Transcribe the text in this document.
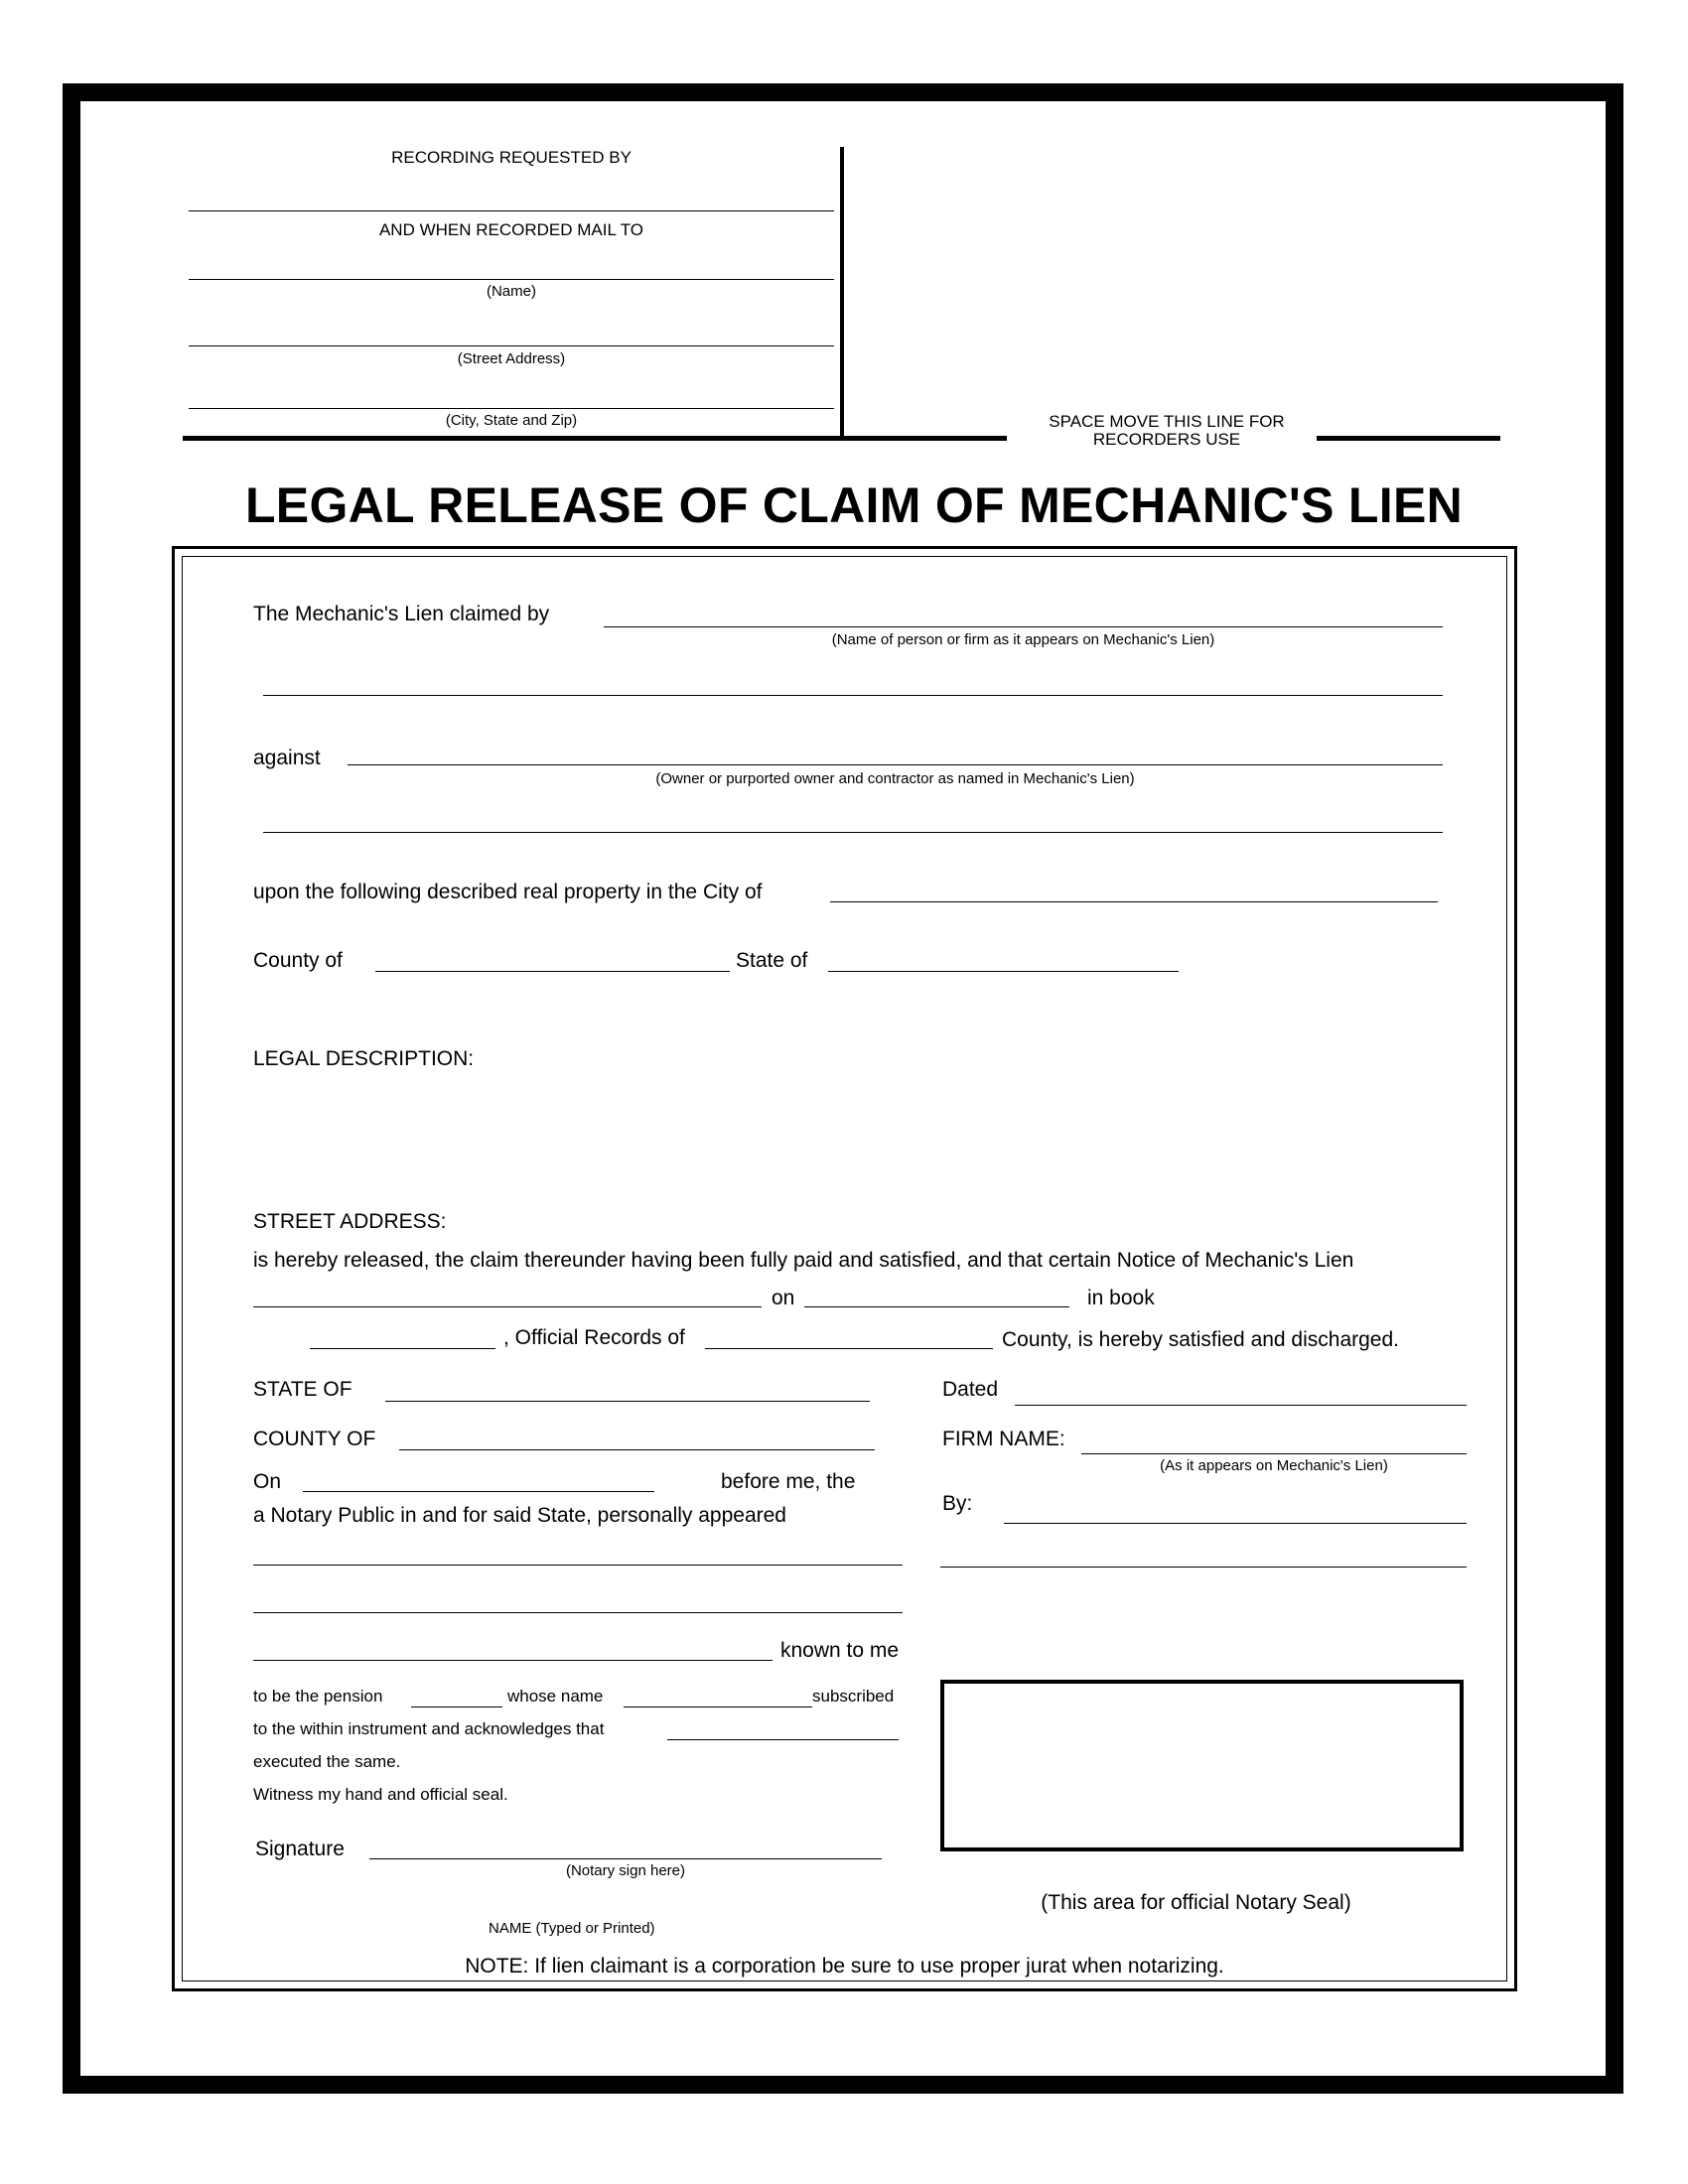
RECORDING REQUESTED BY
AND WHEN RECORDED MAIL TO
(Name)
(Street Address)
(City, State and Zip)	SPACE MOVE THIS LINE FOR
RECORDERS USE
LEGAL RELEASE OF CLAIM OF MECHANIC'S LIEN
The Mechanic's Lien claimed by
(Name of person or firm as it appears on Mechanic's Lien)
against
(Owner or purported owner and contractor as named in Mechanic's Lien)
upon the following described real property in the City of
County of	State of
LEGAL DESCRIPTION:
STREET ADDRESS:
is hereby released, the claim thereunder having been fully paid and satisfied, and that certain Notice of Mechanic's Lien
on	in book
, Official Records of	County, is hereby satisfied and discharged.
STATE OF
COUNTY OF
On	before me, the
a Notary Public in and for said State, personally appeared
known to me
to be the pension	whose name	subscribed
to the within instrument and acknowledges that
executed the same.
Witness my hand and official seal.
Signature
(Notary sign here)
NAME (Typed or Printed)
Dated
FIRM NAME:
(As it appears on Mechanic's Lien)
By:
(This area for official Notary Seal)
NOTE: If lien claimant is a corporation be sure to use proper jurat when notarizing.
